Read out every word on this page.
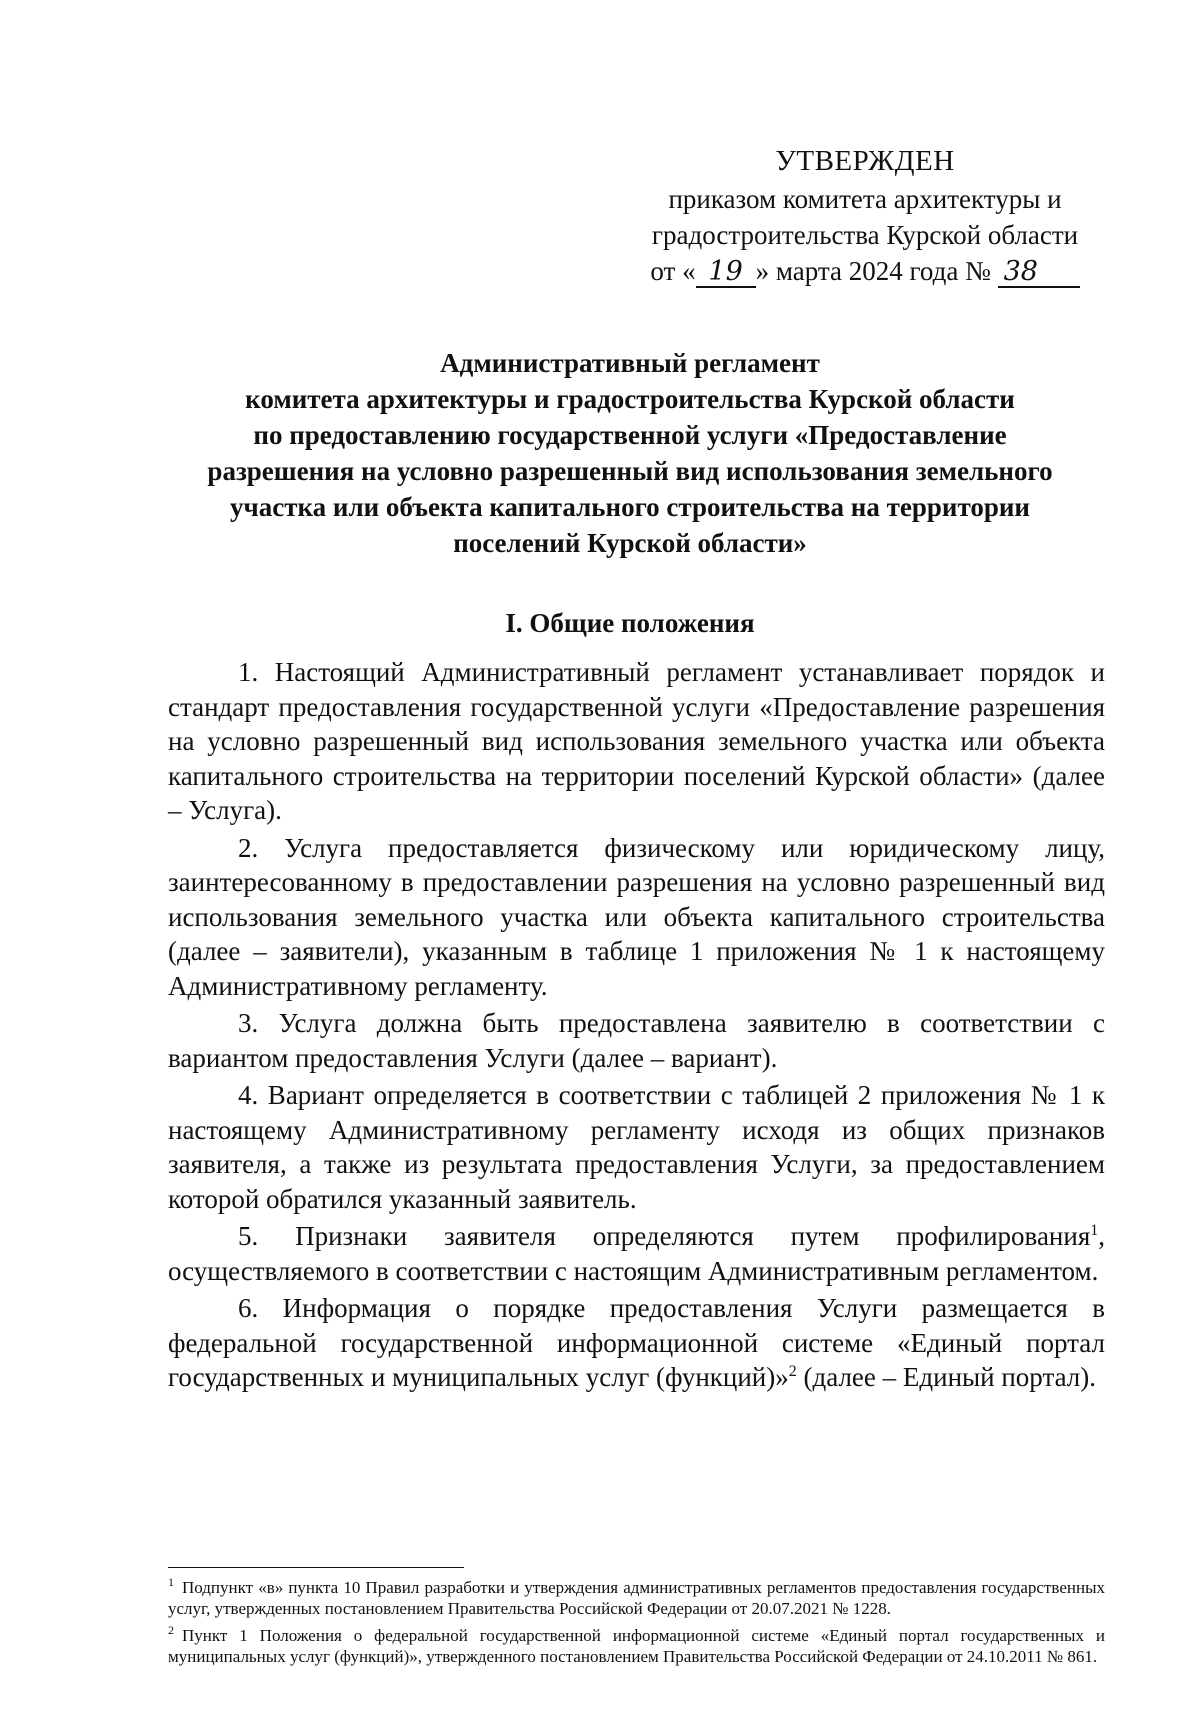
УТВЕРЖДЕН
приказом комитета архитектуры и
градостроительства Курской области
от « 19 » марта 2024 года № 38
Административный регламент
комитета архитектуры и градостроительства Курской области
по предоставлению государственной услуги «Предоставление
разрешения на условно разрешенный вид использования земельного
участка или объекта капитального строительства на территории
поселений Курской области»
I. Общие положения

1. Настоящий Административный регламент устанавливает порядок и стандарт предоставления государственной услуги «Предоставление разрешения на условно разрешенный вид использования земельного участка или объекта капитального строительства на территории поселений Курской области» (далее – Услуга).

2. Услуга предоставляется физическому или юридическому лицу, заинтересованному в предоставлении разрешения на условно разрешенный вид использования земельного участка или объекта капитального строительства (далее – заявители), указанным в таблице 1 приложения № 1 к настоящему Административному регламенту.

3. Услуга должна быть предоставлена заявителю в соответствии с вариантом предоставления Услуги (далее – вариант).

4. Вариант определяется в соответствии с таблицей 2 приложения № 1 к настоящему Административному регламенту исходя из общих признаков заявителя, а также из результата предоставления Услуги, за предоставлением которой обратился указанный заявитель.

5. Признаки заявителя определяются путем профилирования$^1$, осуществляемого в соответствии с настоящим Административным регламентом.

6. Информация о порядке предоставления Услуги размещается в федеральной государственной информационной системе «Единый портал государственных и муниципальных услуг (функций)»$^2$ (далее – Единый портал).

$^1$ Подпункт «в» пункта 10 Правил разработки и утверждения административных регламентов предоставления государственных услуг, утвержденных постановлением Правительства Российской Федерации от 20.07.2021 № 1228.

$^2$ Пункт 1 Положения о федеральной государственной информационной системе «Единый портал государственных и муниципальных услуг (функций)», утвержденного постановлением Правительства Российской Федерации от 24.10.2011 № 861.
